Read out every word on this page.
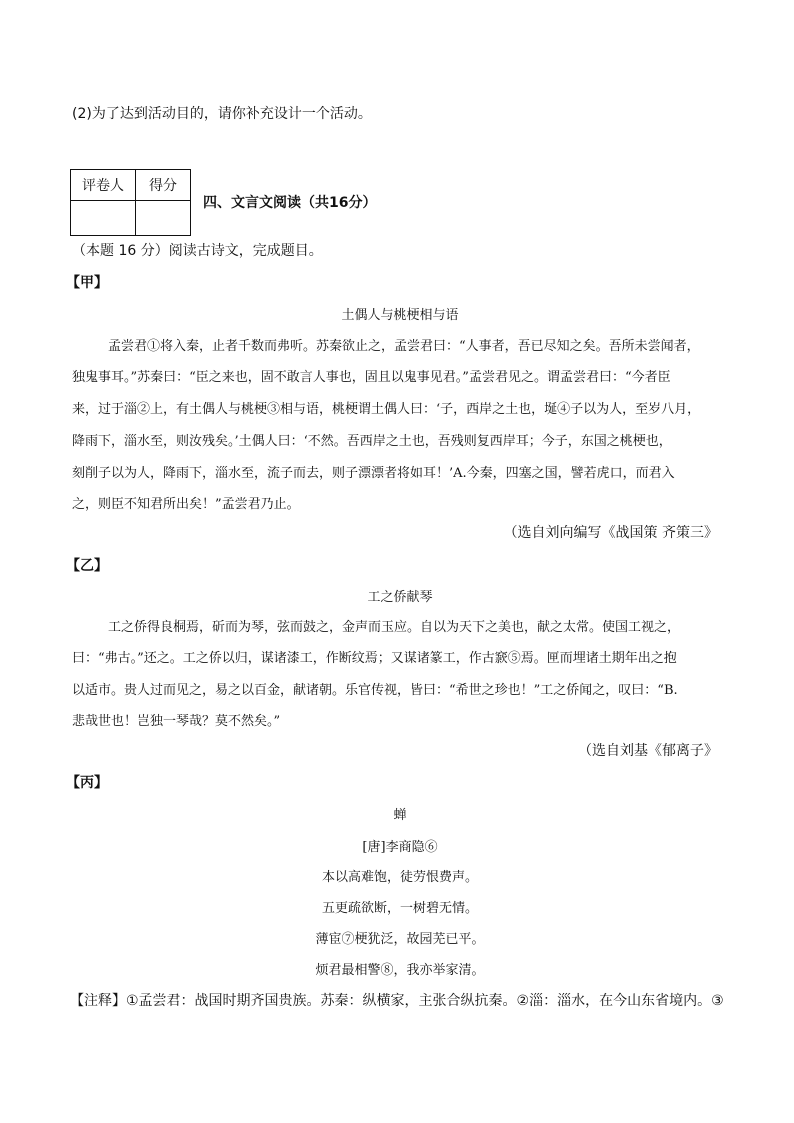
(2)为了达到活动目的，请你补充设计一个活动。
评卷人	得分

四、文言文阅读（共16分）
（本题 16 分）阅读古诗文，完成题目。
【甲】
土偶人与桃梗相与语
孟尝君①将入秦，止者千数而弗听。苏秦欲止之，孟尝君曰：“人事者，吾已尽知之矣。吾所未尝闻者，
独鬼事耳。”苏秦曰：“臣之来也，固不敢言人事也，固且以鬼事见君。”孟尝君见之。谓孟尝君曰：“今者臣
来，过于淄②上，有土偶人与桃梗③相与语，桃梗谓土偶人曰：‘子，西岸之土也，埏④子以为人，至岁八月，
降雨下，淄水至，则汝残矣。’土偶人曰：‘不然。吾西岸之土也，吾残则复西岸耳；今子，东国之桃梗也，
刻削子以为人，降雨下，淄水至，流子而去，则子漂漂者将如耳！’A.今秦，四塞之国，譬若虎口，而君入
之，则臣不知君所出矣！”孟尝君乃止。
（选自刘向编写《战国策 齐策三》
【乙】
工之侨献琴
工之侨得良桐焉，斫而为琴，弦而鼓之，金声而玉应。自以为天下之美也，献之太常。使国工视之，
曰：“弗古。”还之。工之侨以归，谋诸漆工，作断纹焉；又谋诸篆工，作古窾⑤焉。匣而埋诸土期年出之抱
以适市。贵人过而见之，易之以百金，献诸朝。乐官传视，皆曰：“希世之珍也！”工之侨闻之，叹曰：“B.
悲哉世也！岂独一琴哉？莫不然矣。”
（选自刘基《郁离子》
【丙】
蝉
[唐]李商隐⑥
本以高难饱，徒劳恨费声。
五更疏欲断，一树碧无情。
薄宦⑦梗犹泛，故园芜已平。
烦君最相警⑧，我亦举家清。
【注释】①孟尝君：战国时期齐国贵族。苏秦：纵横家，主张合纵抗秦。②淄：淄水，在今山东省境内。③
